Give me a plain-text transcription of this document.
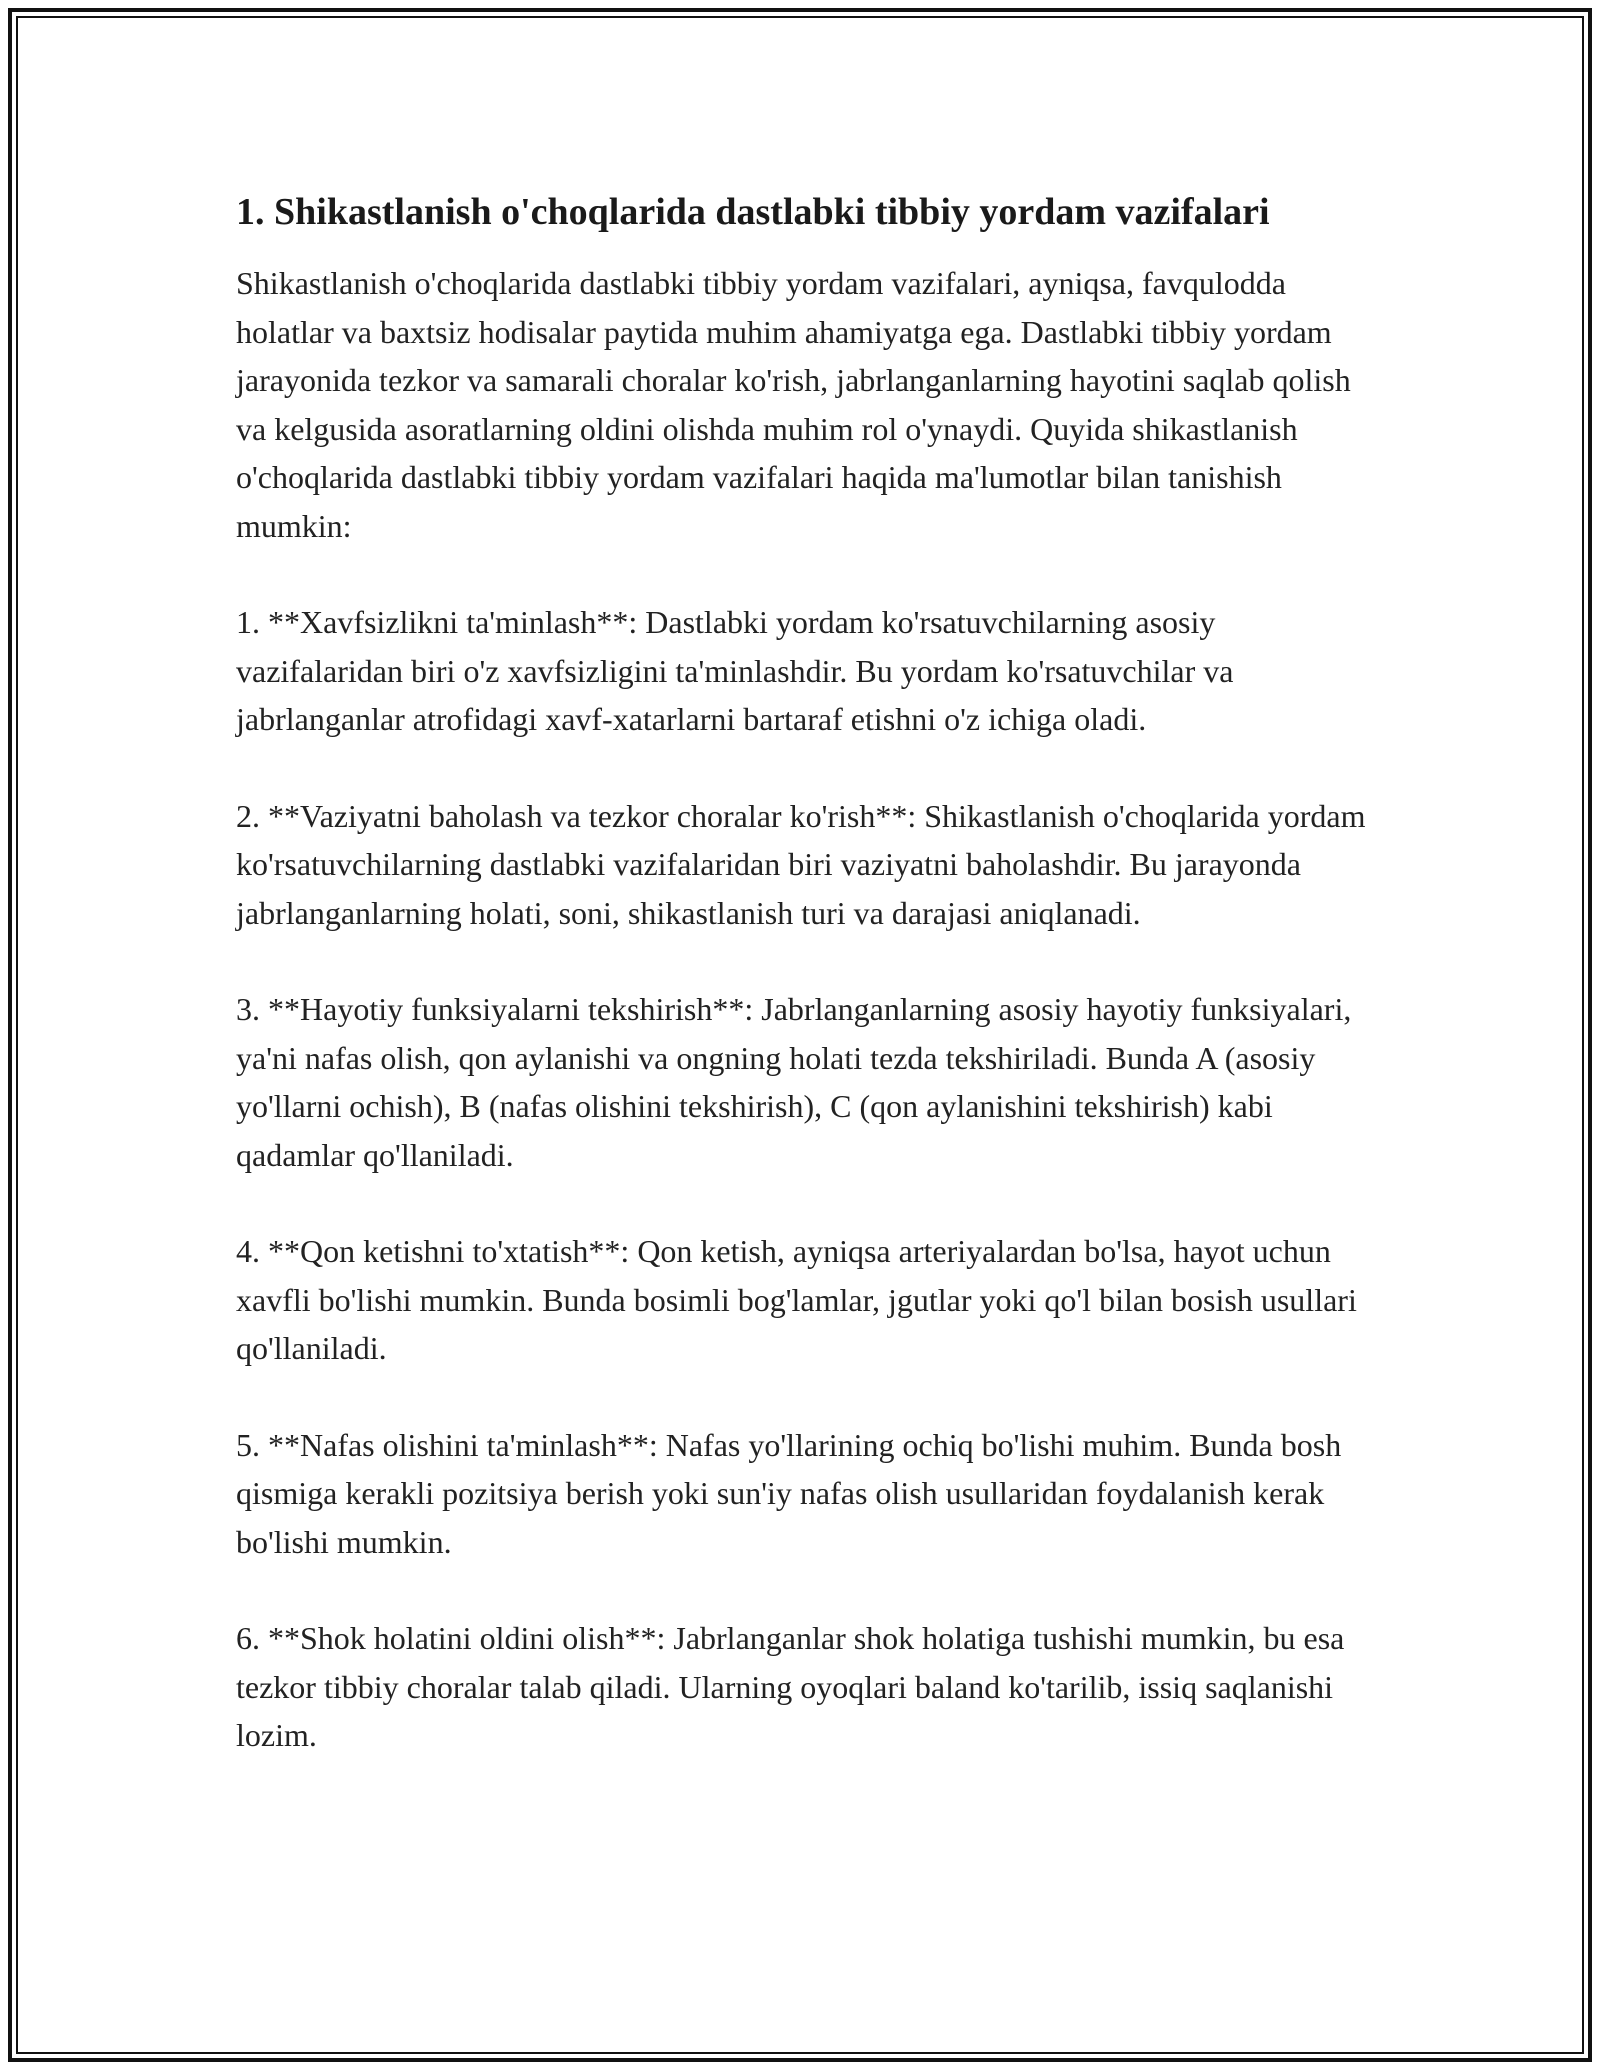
1. Shikastlanish o'choqlarida dastlabki tibbiy yordam vazifalari

Shikastlanish o'choqlarida dastlabki tibbiy yordam vazifalari, ayniqsa, favqulodda holatlar va baxtsiz hodisalar paytida muhim ahamiyatga ega. Dastlabki tibbiy yordam jarayonida tezkor va samarali choralar ko'rish, jabrlanganlarning hayotini saqlab qolish va kelgusida asoratlarning oldini olishda muhim rol o'ynaydi. Quyida shikastlanish o'choqlarida dastlabki tibbiy yordam vazifalari haqida ma'lumotlar bilan tanishish mumkin:

1. **Xavfsizlikni ta'minlash**: Dastlabki yordam ko'rsatuvchilarning asosiy vazifalaridan biri o'z xavfsizligini ta'minlashdir. Bu yordam ko'rsatuvchilar va jabrlanganlar atrofidagi xavf-xatarlarni bartaraf etishni o'z ichiga oladi.

2. **Vaziyatni baholash va tezkor choralar ko'rish**: Shikastlanish o'choqlarida yordam ko'rsatuvchilarning dastlabki vazifalaridan biri vaziyatni baholashdir. Bu jarayonda jabrlanganlarning holati, soni, shikastlanish turi va darajasi aniqlanadi.

3. **Hayotiy funksiyalarni tekshirish**: Jabrlanganlarning asosiy hayotiy funksiyalari, ya'ni nafas olish, qon aylanishi va ongning holati tezda tekshiriladi. Bunda A (asosiy yo'llarni ochish), B (nafas olishini tekshirish), C (qon aylanishini tekshirish) kabi qadamlar qo'llaniladi.

4. **Qon ketishni to'xtatish**: Qon ketish, ayniqsa arteriyalardan bo'lsa, hayot uchun xavfli bo'lishi mumkin. Bunda bosimli bog'lamlar, jgutlar yoki qo'l bilan bosish usullari qo'llaniladi.

5. **Nafas olishini ta'minlash**: Nafas yo'llarining ochiq bo'lishi muhim. Bunda bosh qismiga kerakli pozitsiya berish yoki sun'iy nafas olish usullaridan foydalanish kerak bo'lishi mumkin.

6. **Shok holatini oldini olish**: Jabrlanganlar shok holatiga tushishi mumkin, bu esa tezkor tibbiy choralar talab qiladi. Ularning oyoqlari baland ko'tarilib, issiq saqlanishi lozim.
